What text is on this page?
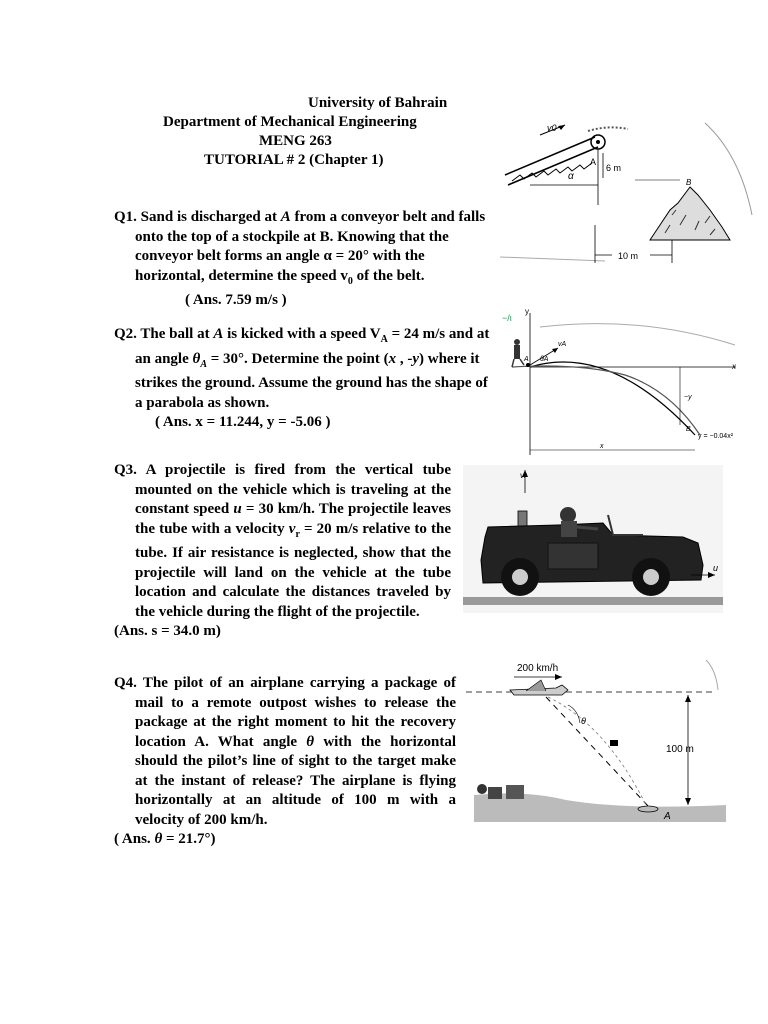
University of Bahrain
Department of Mechanical Engineering
MENG 263
TUTORIAL # 2 (Chapter 1)

Q1. Sand is discharged at A from a conveyor belt and falls onto the top of a stockpile at B. Knowing that the conveyor belt forms an angle α = 20° with the horizontal, determine the speed $v_0$ of the belt.

( Ans. 7.59 m/s )

Q2. The ball at A is kicked with a speed $V_A = 24$ m/s and at an angle $\theta_A = 30^\circ$. Determine the point (x , -y) where it strikes the ground. Assume the ground has the shape of a parabola as shown.

( Ans. x = 11.244, y = -5.06 )

Q3. A projectile is fired from the vertical tube mounted on the vehicle which is traveling at the constant speed u = 30 km/h. The projectile leaves the tube with a velocity $v_r = 20$ m/s relative to the tube. If air resistance is neglected, show that the projectile will land on the vehicle at the tube location and calculate the distances traveled by the vehicle during the flight of the projectile.

(Ans. s = 34.0 m)

Q4. The pilot of an airplane carrying a package of mail to a remote outpost wishes to release the package at the right moment to hit the recovery location A. What angle θ with the horizontal should the pilot’s line of sight to the target make at the instant of release? The airplane is flying horizontally at an altitude of 100 m with a velocity of 200 km/h.

( Ans. θ = 21.7°)
v0
α
A
6 m
B
10 m
−/ι
y
x
A
vA
θA
−y
x
B
y = −0.04x²
vr
u
200 km/h
θ
100 m
A
